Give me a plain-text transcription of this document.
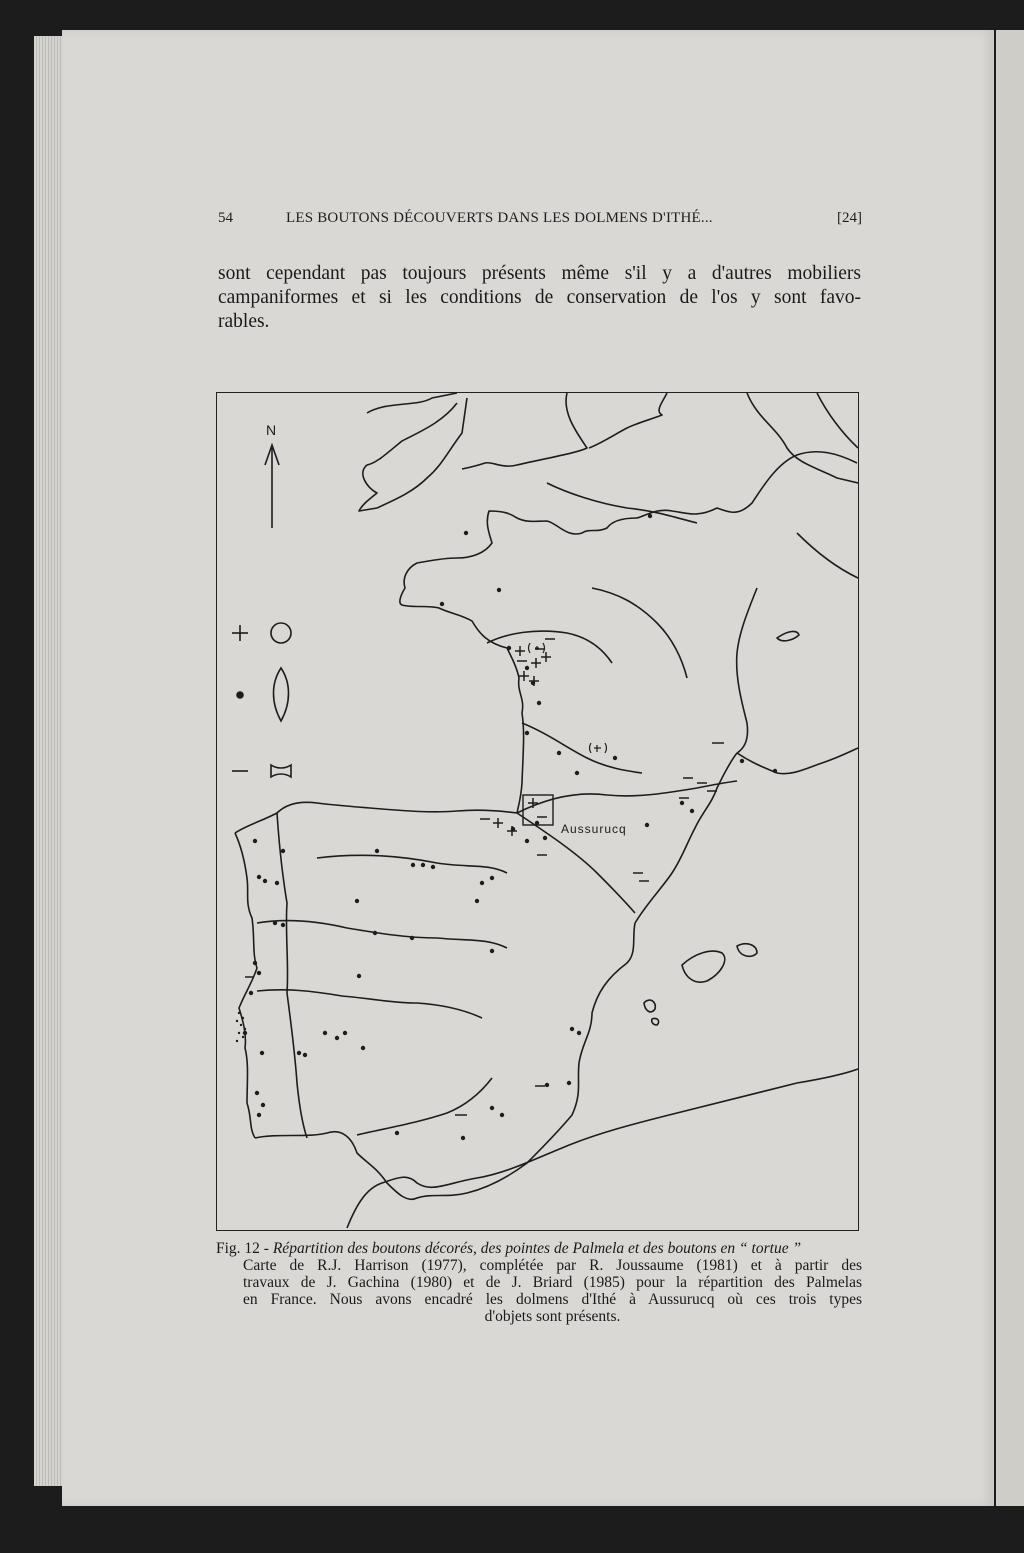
54	LES BOUTONS DÉCOUVERTS DANS LES DOLMENS D'ITHÉ...	[24]
sont cependant pas toujours présents même s'il y a d'autres mobiliers
campaniformes et si les conditions de conservation de l'os y sont favo-
rables.
N
Aussurucq
Fig. 12 - Répartition des boutons décorés, des pointes de Palmela et des boutons en “ tortue ”
Carte de R.J. Harrison (1977), complétée par R. Joussaume (1981) et à partir des
travaux de J. Gachina (1980) et de J. Briard (1985) pour la répartition des Palmelas
en France. Nous avons encadré les dolmens d'Ithé à Aussurucq où ces trois types
d'objets sont présents.
